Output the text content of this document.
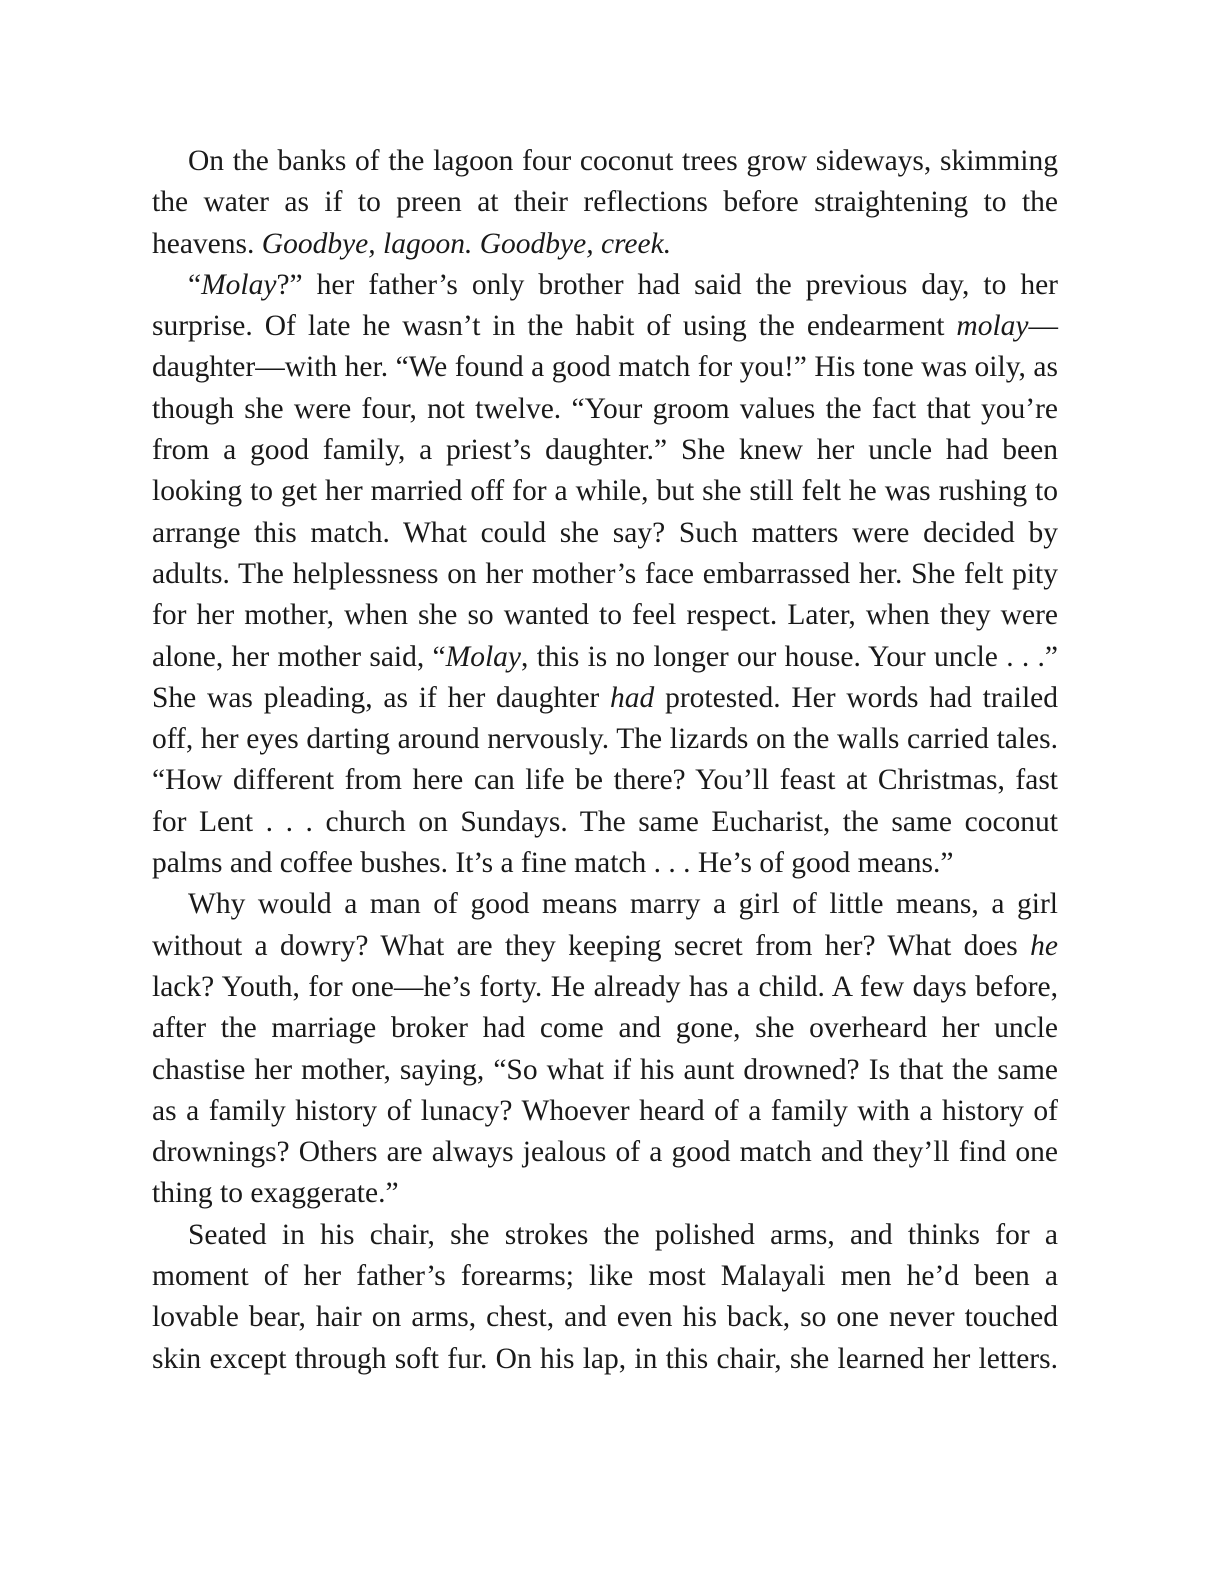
On the banks of the lagoon four coconut trees grow sideways, skimming the water as if to preen at their reflections before straightening to the heavens. Goodbye, lagoon. Goodbye, creek.

“Molay?” her father’s only brother had said the previous day, to her surprise. Of late he wasn’t in the habit of using the endearment molay—daughter—with her. “We found a good match for you!” His tone was oily, as though she were four, not twelve. “Your groom values the fact that you’re from a good family, a priest’s daughter.” She knew her uncle had been looking to get her married off for a while, but she still felt he was rushing to arrange this match. What could she say? Such matters were decided by adults. The helplessness on her mother’s face embarrassed her. She felt pity for her mother, when she so wanted to feel respect. Later, when they were alone, her mother said, “Molay, this is no longer our house. Your uncle . . .” She was pleading, as if her daughter had protested. Her words had trailed off, her eyes darting around nervously. The lizards on the walls carried tales. “How different from here can life be there? You’ll feast at Christmas, fast for Lent . . . church on Sundays. The same Eucharist, the same coconut palms and coffee bushes. It’s a fine match . . . He’s of good means.”

Why would a man of good means marry a girl of little means, a girl without a dowry? What are they keeping secret from her? What does he lack? Youth, for one—he’s forty. He already has a child. A few days before, after the marriage broker had come and gone, she overheard her uncle chastise her mother, saying, “So what if his aunt drowned? Is that the same as a family history of lunacy? Whoever heard of a family with a history of drownings? Others are always jealous of a good match and they’ll find one thing to exaggerate.”

Seated in his chair, she strokes the polished arms, and thinks for a moment of her father’s forearms; like most Malayali men he’d been a lovable bear, hair on arms, chest, and even his back, so one never touched skin except through soft fur. On his lap, in this chair, she learned her letters.
